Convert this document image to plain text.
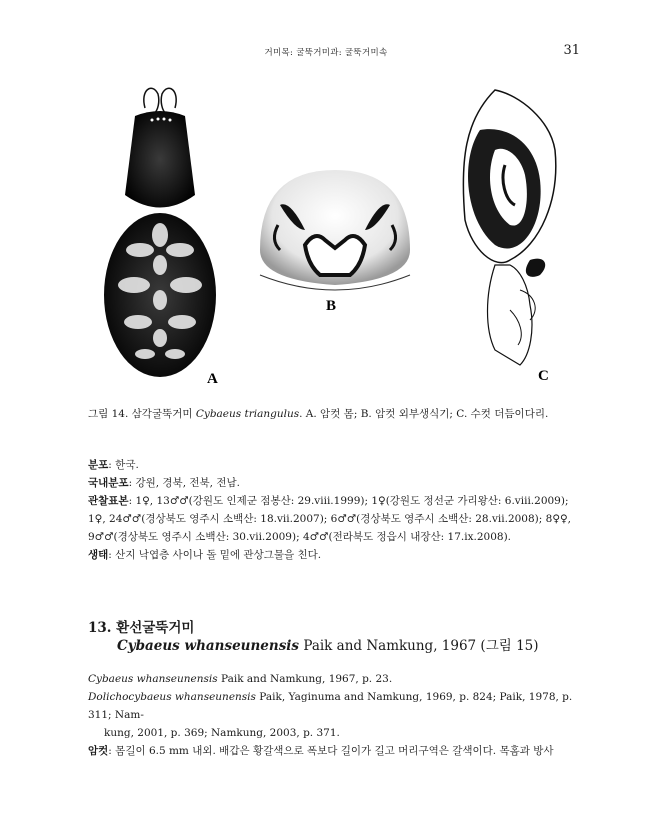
거미목: 굴뚝거미과: 굴뚝거미속	31
A
B
C
그림 14. 삼각굴뚝거미 Cybaeus triangulus. A. 암컷 몸; B. 암컷 외부생식기; C. 수컷 더듬이다리.
분포: 한국.
국내분포: 강원, 경북, 전북, 전남.
관찰표본: 1♀, 13♂♂(강원도 인제군 점봉산: 29.viii.1999); 1♀(강원도 정선군 가리왕산: 6.viii.2009);
1♀, 24♂♂(경상북도 영주시 소백산: 18.vii.2007); 6♂♂(경상북도 영주시 소백산: 28.vii.2008); 8♀♀,
9♂♂(경상북도 영주시 소백산: 30.vii.2009); 4♂♂(전라북도 정읍시 내장산: 17.ix.2008).
생태: 산지 낙엽층 사이나 돌 밑에 관상그물을 친다.
13. 환선굴뚝거미
Cybaeus whanseunensis Paik and Namkung, 1967 (그림 15)
Cybaeus whanseunensis Paik and Namkung, 1967, p. 23.
Dolichocybaeus whanseunensis Paik, Yaginuma and Namkung, 1969, p. 824; Paik, 1978, p. 311; Nam-
kung, 2001, p. 369; Namkung, 2003, p. 371.
암컷: 몸길이 6.5 mm 내외. 배갑은 황갈색으로 폭보다 길이가 길고 머리구역은 갈색이다. 목홈과 방사
